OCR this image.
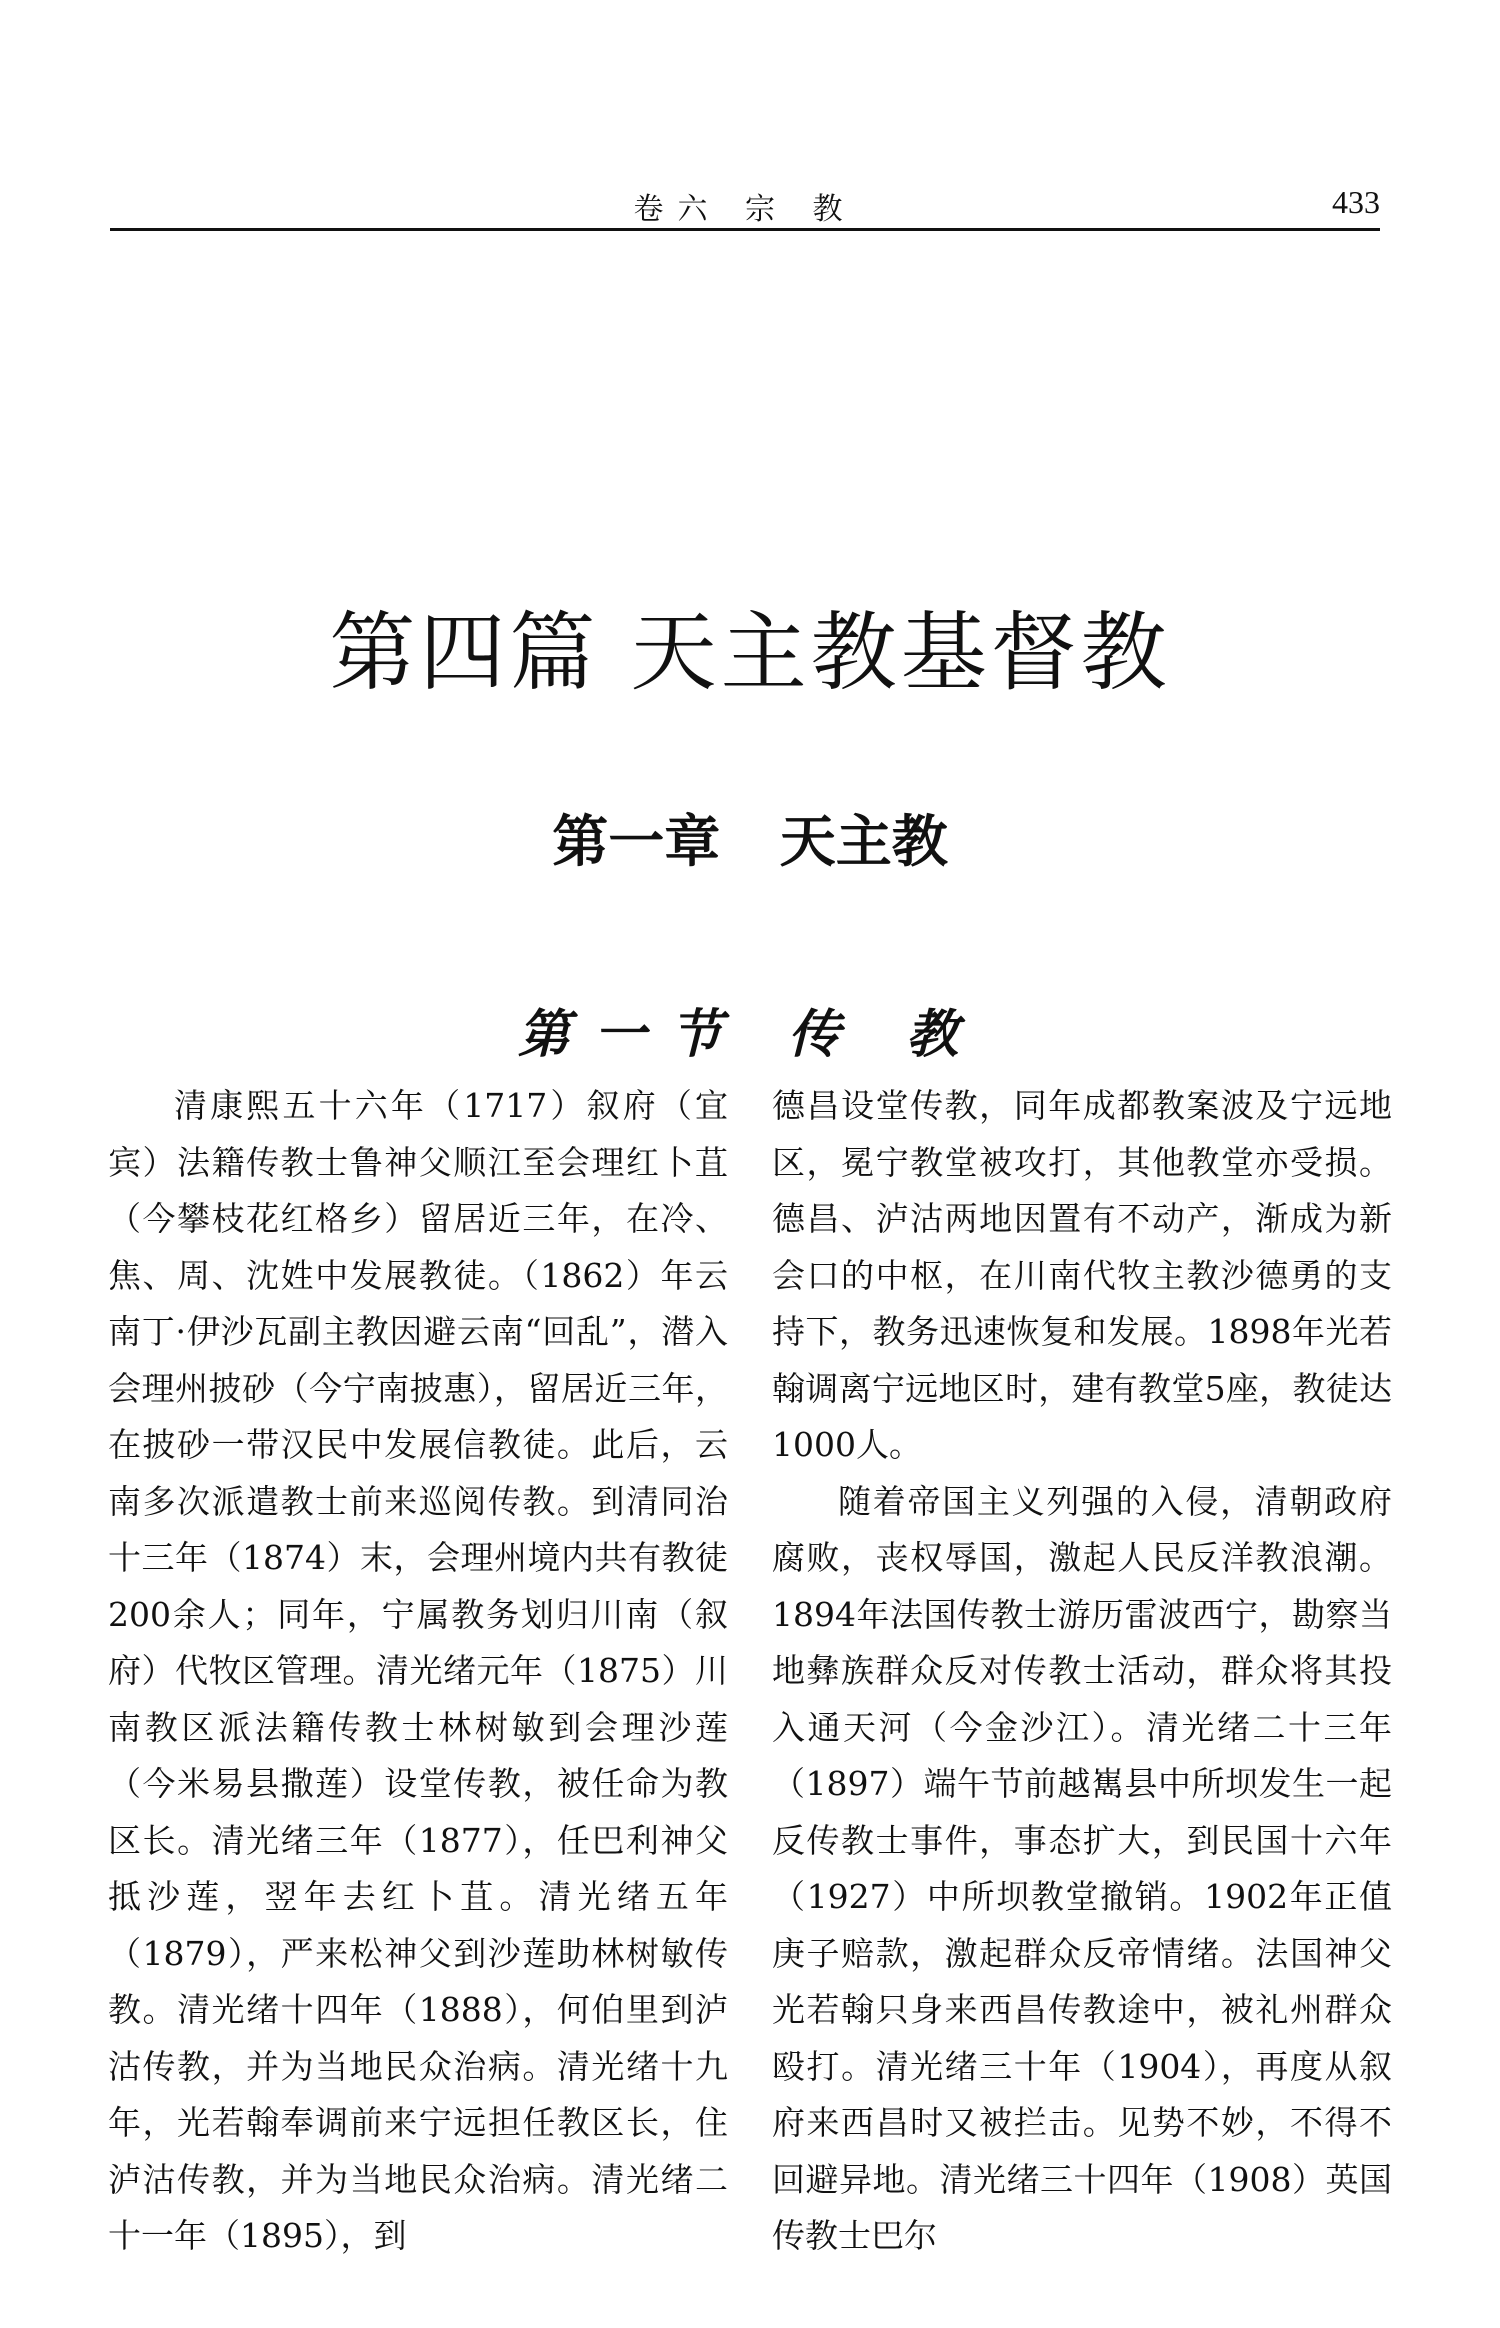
卷六 宗 教	433
第四篇 天主教基督教
第一章 天主教
第一节 传 教

清康熙五十六年（1717）叙府（宜宾）法籍传教士鲁神父顺江至会理红卜苴（今攀枝花红格乡）留居近三年，在冷、焦、周、沈姓中发展教徒。（1862）年云南丁·伊沙瓦副主教因避云南“回乱”，潜入会理州披砂（今宁南披惠），留居近三年，在披砂一带汉民中发展信教徒。此后，云南多次派遣教士前来巡阅传教。到清同治十三年（1874）末，会理州境内共有教徒200余人；同年，宁属教务划归川南（叙府）代牧区管理。清光绪元年（1875）川南教区派法籍传教士林树敏到会理沙莲（今米易县撒莲）设堂传教，被任命为教区长。清光绪三年（1877），任巴利神父抵沙莲，翌年去红卜苴。清光绪五年（1879），严来松神父到沙莲助林树敏传教。清光绪十四年（1888），何伯里到泸沽传教，并为当地民众治病。清光绪十九年，光若翰奉调前来宁远担任教区长，住泸沽传教，并为当地民众治病。清光绪二十一年（1895），到

德昌设堂传教，同年成都教案波及宁远地区，冕宁教堂被攻打，其他教堂亦受损。德昌、泸沽两地因置有不动产，渐成为新会口的中枢，在川南代牧主教沙德勇的支持下，教务迅速恢复和发展。1898年光若翰调离宁远地区时，建有教堂5座，教徒达1000人。

随着帝国主义列强的入侵，清朝政府腐败，丧权辱国，激起人民反洋教浪潮。1894年法国传教士游历雷波西宁，勘察当地彝族群众反对传教士活动，群众将其投入通天河（今金沙江）。清光绪二十三年（1897）端午节前越嶲县中所坝发生一起反传教士事件，事态扩大，到民国十六年（1927）中所坝教堂撤销。1902年正值庚子赔款，激起群众反帝情绪。法国神父光若翰只身来西昌传教途中，被礼州群众殴打。清光绪三十年（1904），再度从叙府来西昌时又被拦击。见势不妙，不得不回避异地。清光绪三十四年（1908）英国传教士巴尔
